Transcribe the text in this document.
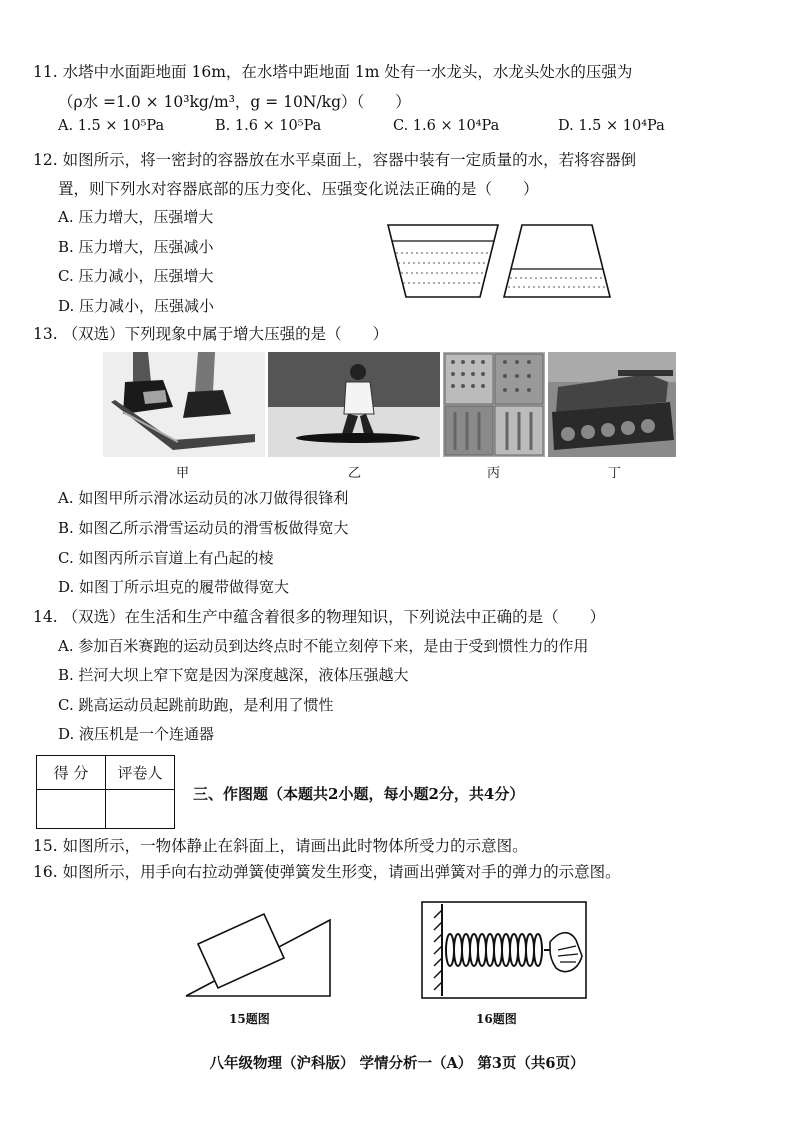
11. 水塔中水面距地面 16m，在水塔中距地面 1m 处有一水龙头，水龙头处水的压强为
（ρ水 =1.0 × 10³kg/m³，g = 10N/kg）（　　）
A. 1.5 × 10⁵Pa	B. 1.6 × 10⁵Pa	C. 1.6 × 10⁴Pa	D. 1.5 × 10⁴Pa
12. 如图所示，将一密封的容器放在水平桌面上，容器中装有一定质量的水，若将容器倒
置，则下列水对容器底部的压力变化、压强变化说法正确的是（　　）
A. 压力增大，压强增大
B. 压力增大，压强减小
C. 压力减小，压强增大
D. 压力减小，压强减小
13. （双选）下列现象中属于增大压强的是（　　）
甲	乙	丙	丁
A. 如图甲所示滑冰运动员的冰刀做得很锋利
B. 如图乙所示滑雪运动员的滑雪板做得宽大
C. 如图丙所示盲道上有凸起的棱
D. 如图丁所示坦克的履带做得宽大
14. （双选）在生活和生产中蕴含着很多的物理知识，下列说法中正确的是（　　）
A. 参加百米赛跑的运动员到达终点时不能立刻停下来，是由于受到惯性力的作用
B. 拦河大坝上窄下宽是因为深度越深，液体压强越大
C. 跳高运动员起跳前助跑，是利用了惯性
D. 液压机是一个连通器
得 分	评卷人

三、作图题（本题共2小题，每小题2分，共4分）
15. 如图所示，一物体静止在斜面上，请画出此时物体所受力的示意图。
16. 如图所示，用手向右拉动弹簧使弹簧发生形变，请画出弹簧对手的弹力的示意图。
15题图	16题图
八年级物理（沪科版） 学情分析一（A） 第3页（共6页）
